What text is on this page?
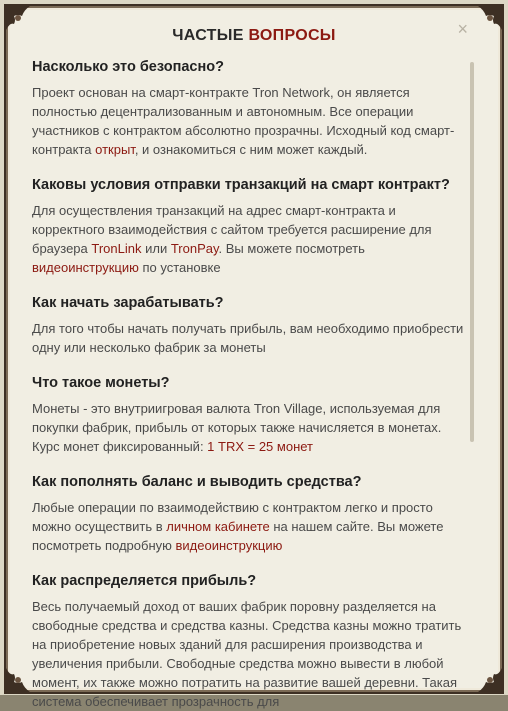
×
ЧАСТЫЕ ВОПРОСЫ

Насколько это безопасно?

Проект основан на смарт-контракте Tron Network, он является полностью децентрализованным и автономным. Все операции участников с контрактом абсолютно прозрачны. Исходный код смарт-контракта открыт, и ознакомиться с ним может каждый.

Каковы условия отправки транзакций на смарт контракт?

Для осуществления транзакций на адрес смарт-контракта и корректного взаимодействия с сайтом требуется расширение для браузера TronLink или TronPay. Вы можете посмотреть видеоинструкцию по установке

Как начать зарабатывать?

Для того чтобы начать получать прибыль, вам необходимо приобрести одну или несколько фабрик за монеты

Что такое монеты?

Монеты - это внутриигровая валюта Tron Village, используемая для покупки фабрик, прибыль от которых также начисляется в монетах. Курс монет фиксированный: 1 TRX = 25 монет

Как пополнять баланс и выводить средства?

Любые операции по взаимодействию с контрактом легко и просто можно осуществить в личном кабинете на нашем сайте. Вы можете посмотреть подробную видеоинструкцию

Как распределяется прибыль?

Весь получаемый доход от ваших фабрик поровну разделяется на свободные средства и средства казны. Средства казны можно тратить на приобретение новых зданий для расширения производства и увеличения прибыли. Свободные средства можно вывести в любой момент, их также можно потратить на развитие вашей деревни. Такая система обеспечивает прозрачность для
